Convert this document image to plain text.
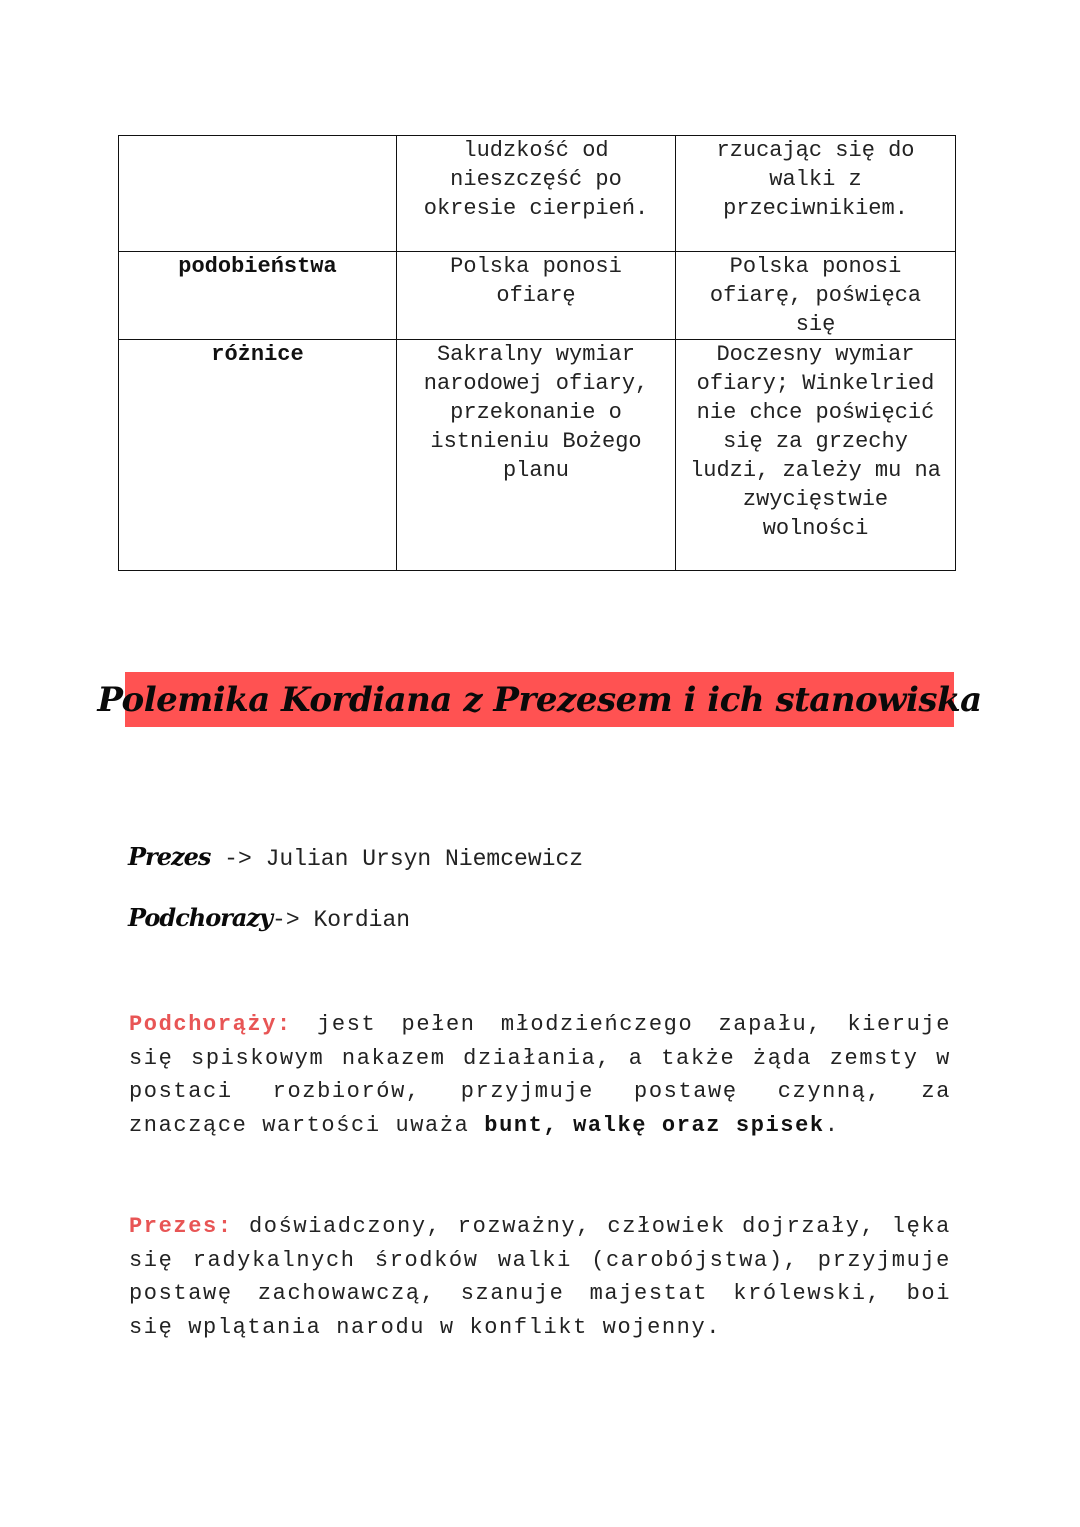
	ludzkość od nieszczęść po okresie cierpień.	rzucając się do walki z przeciwnikiem.
podobieństwa	Polska ponosi ofiarę	Polska ponosi ofiarę, poświęca się
różnice	Sakralny wymiar narodowej ofiary, przekonanie o istnieniu Bożego planu	Doczesny wymiar ofiary; Winkelried nie chce poświęcić się za grzechy ludzi, zależy mu na zwycięstwie wolności
Polemika Kordiana z Prezesem i ich stanowiska
Prezes -> Julian Ursyn Niemcewicz
Podchorazy-> Kordian

Podchorąży: jest pełen młodzieńczego zapału, kieruje się spiskowym nakazem działania, a także żąda zemsty w postaci rozbiorów, przyjmuje postawę czynną, za znaczące wartości uważa bunt, walkę oraz spisek.

Prezes: doświadczony, rozważny, człowiek dojrzały, lęka się radykalnych środków walki (carobójstwa), przyjmuje postawę zachowawczą, szanuje majestat królewski, boi się wplątania narodu w konflikt wojenny.
